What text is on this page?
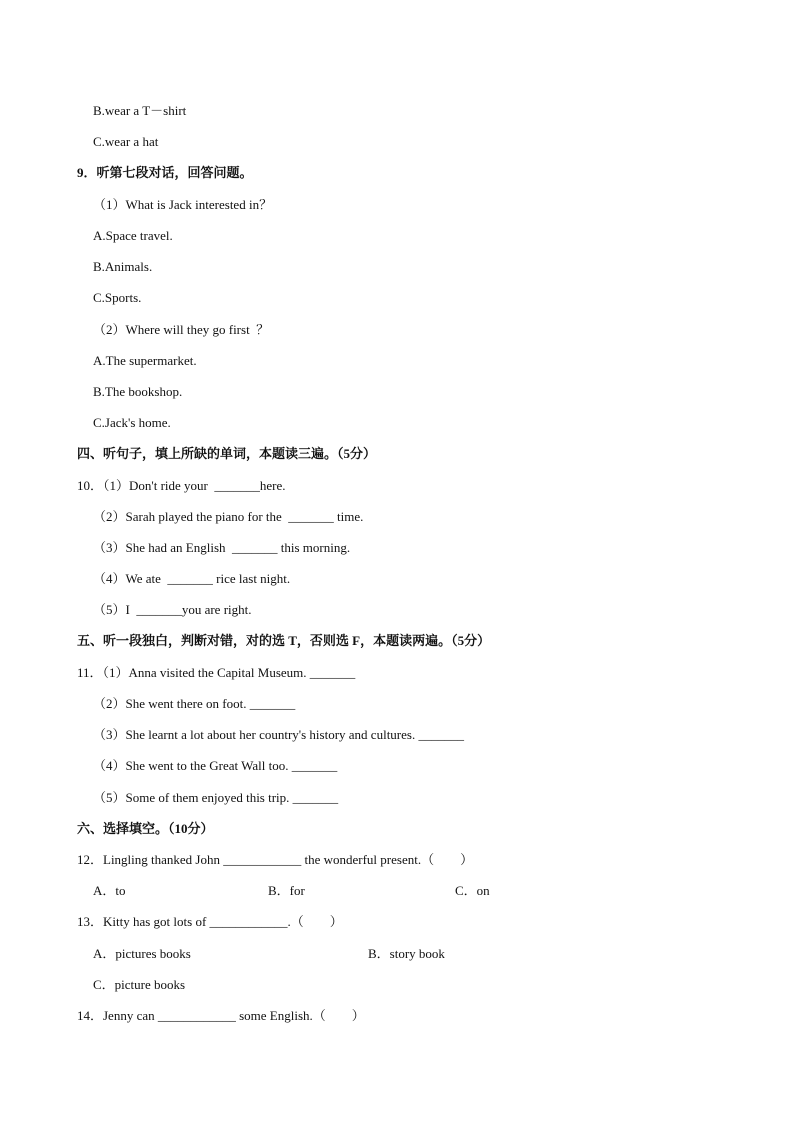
B.wear a T－shirt
C.wear a hat
9．听第七段对话，回答问题。
（1）What is Jack interested in？
A.Space travel.
B.Animals.
C.Sports.
（2）Where will they go first  ？
A.The supermarket.
B.The bookshop.
C.Jack's home.
四、听句子，填上所缺的单词，本题读三遍。（5分）
10．（1）Don't ride your  _______here.
（2）Sarah played the piano for the  _______ time.
（3）She had an English  _______ this morning.
（4）We ate  _______ rice last night.
（5）I  _______you are right.
五、听一段独白，判断对错，对的选 T，否则选 F，本题读两遍。（5分）
11．（1）Anna visited the Capital Museum. _______
（2）She went there on foot. _______
（3）She learnt a lot about her country's history and cultures. _______
（4）She went to the Great Wall too. _______
（5）Some of them enjoyed this trip. _______
六、选择填空。（10分）
12．Lingling thanked John ____________ the wonderful present.（　　）
A．to	B．for	C．on
13．Kitty has got lots of ____________.（　　）
A．pictures books	B．story book
C．picture books
14．Jenny can ____________ some English.（　　）
